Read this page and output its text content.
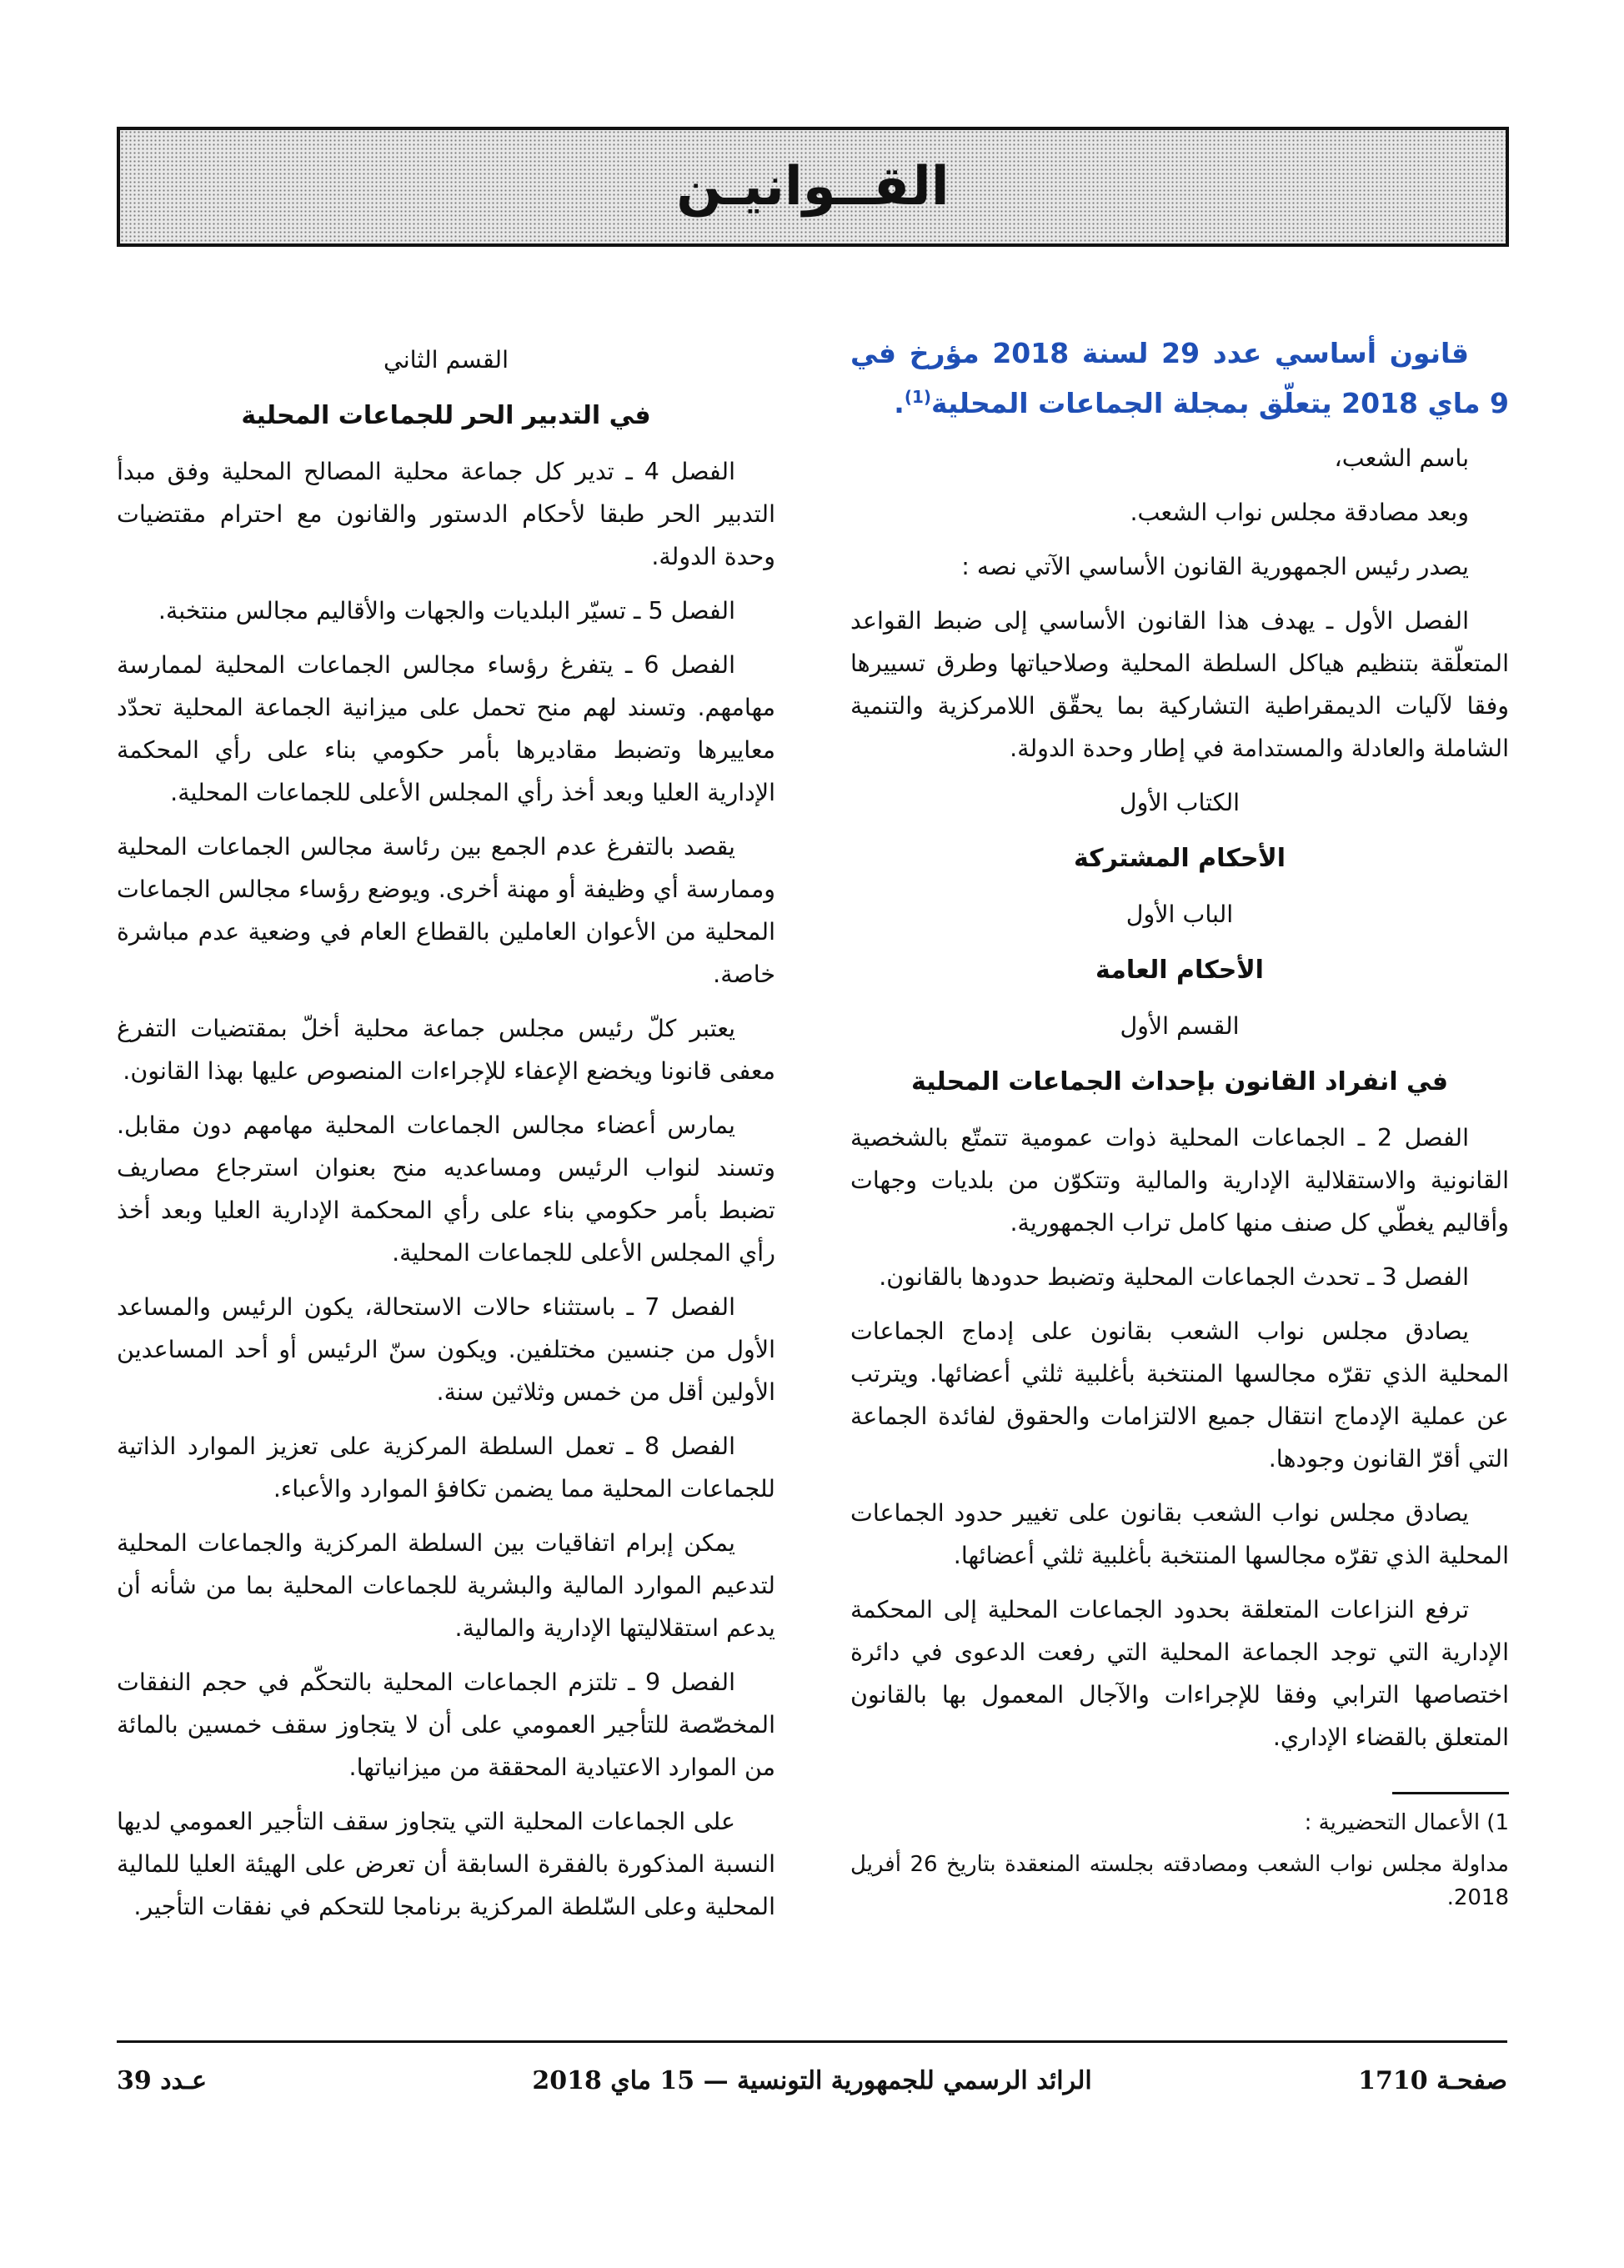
القــوانيـن

قانون أساسي عدد 29 لسنة 2018 مؤرخ في 9 ماي 2018 يتعلّق بمجلة الجماعات المحلية$^{(1)}$.

باسم الشعب،

وبعد مصادقة مجلس نواب الشعب.

يصدر رئيس الجمهورية القانون الأساسي الآتي نصه :

الفصل الأول ـ يهدف هذا القانون الأساسي إلى ضبط القواعد المتعلّقة بتنظيم هياكل السلطة المحلية وصلاحياتها وطرق تسييرها وفقا لآليات الديمقراطية التشاركية بما يحقّق اللامركزية والتنمية الشاملة والعادلة والمستدامة في إطار وحدة الدولة.

الكتاب الأول

الأحكام المشتركة

الباب الأول

الأحكام العامة

القسم الأول

في انفراد القانون بإحداث الجماعات المحلية

الفصل 2 ـ الجماعات المحلية ذوات عمومية تتمتّع بالشخصية القانونية والاستقلالية الإدارية والمالية وتتكوّن من بلديات وجهات وأقاليم يغطّي كل صنف منها كامل تراب الجمهورية.

الفصل 3 ـ تحدث الجماعات المحلية وتضبط حدودها بالقانون.

يصادق مجلس نواب الشعب بقانون على إدماج الجماعات المحلية الذي تقرّه مجالسها المنتخبة بأغلبية ثلثي أعضائها. ويترتب عن عملية الإدماج انتقال جميع الالتزامات والحقوق لفائدة الجماعة التي أقرّ القانون وجودها.

يصادق مجلس نواب الشعب بقانون على تغيير حدود الجماعات المحلية الذي تقرّه مجالسها المنتخبة بأغلبية ثلثي أعضائها.

ترفع النزاعات المتعلقة بحدود الجماعات المحلية إلى المحكمة الإدارية التي توجد الجماعة المحلية التي رفعت الدعوى في دائرة اختصاصها الترابي وفقا للإجراءات والآجال المعمول بها بالقانون المتعلق بالقضاء الإداري.

1) الأعمال التحضيرية :

مداولة مجلس نواب الشعب ومصادقته بجلسته المنعقدة بتاريخ 26 أفريل 2018.

القسم الثاني

في التدبير الحر للجماعات المحلية

الفصل 4 ـ تدير كل جماعة محلية المصالح المحلية وفق مبدأ التدبير الحر طبقا لأحكام الدستور والقانون مع احترام مقتضيات وحدة الدولة.

الفصل 5 ـ تسيّر البلديات والجهات والأقاليم مجالس منتخبة.

الفصل 6 ـ يتفرغ رؤساء مجالس الجماعات المحلية لممارسة مهامهم. وتسند لهم منح تحمل على ميزانية الجماعة المحلية تحدّد معاييرها وتضبط مقاديرها بأمر حكومي بناء على رأي المحكمة الإدارية العليا وبعد أخذ رأي المجلس الأعلى للجماعات المحلية.

يقصد بالتفرغ عدم الجمع بين رئاسة مجالس الجماعات المحلية وممارسة أي وظيفة أو مهنة أخرى. ويوضع رؤساء مجالس الجماعات المحلية من الأعوان العاملين بالقطاع العام في وضعية عدم مباشرة خاصة.

يعتبر كلّ رئيس مجلس جماعة محلية أخلّ بمقتضيات التفرغ معفى قانونا ويخضع الإعفاء للإجراءات المنصوص عليها بهذا القانون.

يمارس أعضاء مجالس الجماعات المحلية مهامهم دون مقابل. وتسند لنواب الرئيس ومساعديه منح بعنوان استرجاع مصاريف تضبط بأمر حكومي بناء على رأي المحكمة الإدارية العليا وبعد أخذ رأي المجلس الأعلى للجماعات المحلية.

الفصل 7 ـ باستثناء حالات الاستحالة، يكون الرئيس والمساعد الأول من جنسين مختلفين. ويكون سنّ الرئيس أو أحد المساعدين الأولين أقل من خمس وثلاثين سنة.

الفصل 8 ـ تعمل السلطة المركزية على تعزيز الموارد الذاتية للجماعات المحلية مما يضمن تكافؤ الموارد والأعباء.

يمكن إبرام اتفاقيات بين السلطة المركزية والجماعات المحلية لتدعيم الموارد المالية والبشرية للجماعات المحلية بما من شأنه أن يدعم استقلاليتها الإدارية والمالية.

الفصل 9 ـ تلتزم الجماعات المحلية بالتحكّم في حجم النفقات المخصّصة للتأجير العمومي على أن لا يتجاوز سقف خمسين بالمائة من الموارد الاعتيادية المحققة من ميزانياتها.

على الجماعات المحلية التي يتجاوز سقف التأجير العمومي لديها النسبة المذكورة بالفقرة السابقة أن تعرض على الهيئة العليا للمالية المحلية وعلى السّلطة المركزية برنامجا للتحكم في نفقات التأجير.

صفحـة 1710
الرائد الرسمي للجمهورية التونسية — 15 ماي 2018
عـدد 39
